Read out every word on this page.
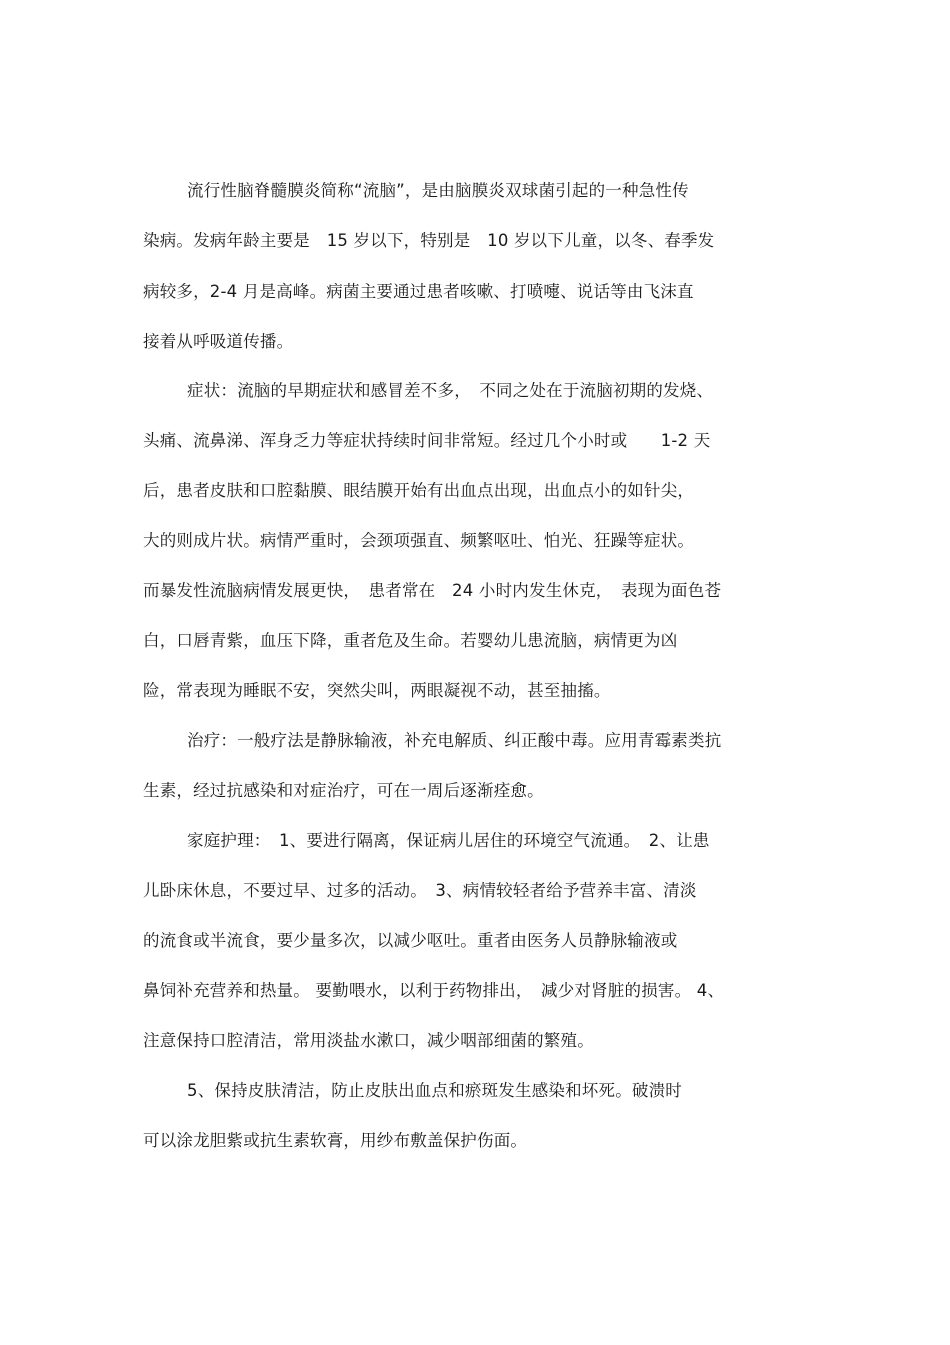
流行性脑脊髓膜炎简称“流脑”，是由脑膜炎双球菌引起的一种急性传
染病。发病年龄主要是　15 岁以下，特别是　10 岁以下儿童，以冬、春季发
病较多，2-4 月是高峰。病菌主要通过患者咳嗽、打喷嚏、说话等由飞沫直
接着从呼吸道传播。
症状：流脑的早期症状和感冒差不多，　不同之处在于流脑初期的发烧、
头痛、流鼻涕、浑身乏力等症状持续时间非常短。经过几个小时或　　1-2 天
后，患者皮肤和口腔黏膜、眼结膜开始有出血点出现，出血点小的如针尖，
大的则成片状。病情严重时，会颈项强直、频繁呕吐、怕光、狂躁等症状。
而暴发性流脑病情发展更快，　患者常在　24 小时内发生休克，　表现为面色苍
白，口唇青紫，血压下降，重者危及生命。若婴幼儿患流脑，病情更为凶
险，常表现为睡眠不安，突然尖叫，两眼凝视不动，甚至抽搐。
治疗：一般疗法是静脉输液，补充电解质、纠正酸中毒。应用青霉素类抗
生素，经过抗感染和对症治疗，可在一周后逐渐痊愈。
家庭护理：　1、要进行隔离，保证病儿居住的环境空气流通。　2、让患
儿卧床休息，不要过早、过多的活动。　3、病情较轻者给予营养丰富、清淡
的流食或半流食，要少量多次，以减少呕吐。重者由医务人员静脉输液或
鼻饲补充营养和热量。 要勤喂水，以利于药物排出，　减少对肾脏的损害。 4、
注意保持口腔清洁，常用淡盐水漱口，减少咽部细菌的繁殖。
5、保持皮肤清洁，防止皮肤出血点和瘀斑发生感染和坏死。破溃时
可以涂龙胆紫或抗生素软膏，用纱布敷盖保护伤面。
